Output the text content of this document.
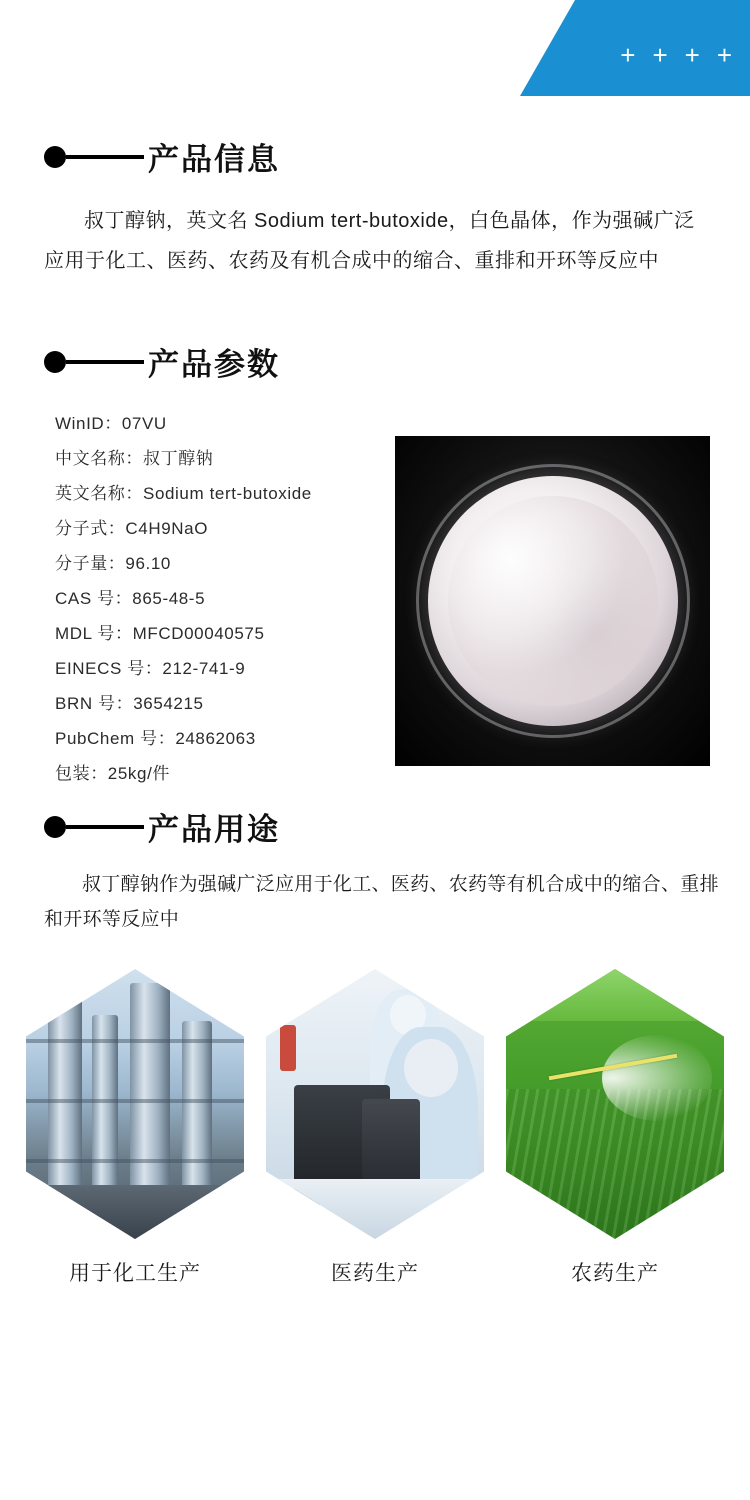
+ + + +
产品信息

叔丁醇钠，英文名 Sodium tert-butoxide，白色晶体，作为强碱广泛应用于化工、医药、农药及有机合成中的缩合、重排和开环等反应中

产品参数
WinID：07VU
中文名称：叔丁醇钠
英文名称：Sodium tert-butoxide
分子式：C4H9NaO
分子量：96.10
CAS 号：865-48-5
MDL 号：MFCD00040575
EINECS 号：212-741-9
BRN 号：3654215
PubChem 号：24862063
包装：25kg/件
产品用途

叔丁醇钠作为强碱广泛应用于化工、医药、农药等有机合成中的缩合、重排和开环等反应中

用于化工生产	医药生产	农药生产
